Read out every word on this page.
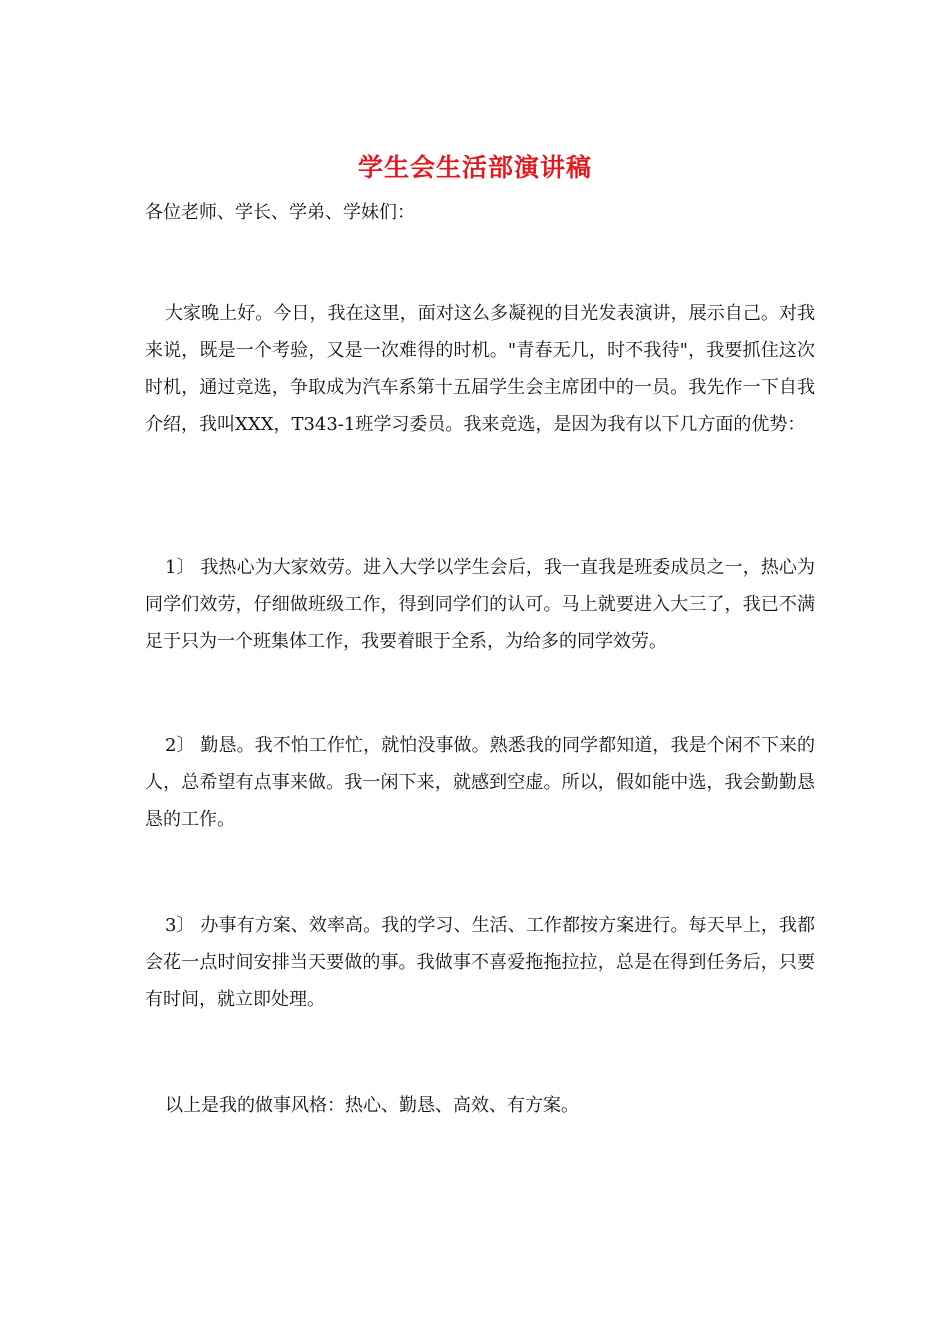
学生会生活部演讲稿

各位老师、学长、学弟、学妹们：

大家晚上好。今日，我在这里，面对这么多凝视的目光发表演讲，展示自己。对我来说，既是一个考验，又是一次难得的时机。"青春无几，时不我待"，我要抓住这次时机，通过竞选，争取成为汽车系第十五届学生会主席团中的一员。我先作一下自我介绍，我叫XXX，T343-1班学习委员。我来竞选，是因为我有以下几方面的优势：

1〕 我热心为大家效劳。进入大学以学生会后，我一直我是班委成员之一，热心为同学们效劳，仔细做班级工作，得到同学们的认可。马上就要进入大三了，我已不满足于只为一个班集体工作，我要着眼于全系，为给多的同学效劳。

2〕 勤恳。我不怕工作忙，就怕没事做。熟悉我的同学都知道，我是个闲不下来的人，总希望有点事来做。我一闲下来，就感到空虚。所以，假如能中选，我会勤勤恳恳的工作。

3〕 办事有方案、效率高。我的学习、生活、工作都按方案进行。每天早上，我都会花一点时间安排当天要做的事。我做事不喜爱拖拖拉拉，总是在得到任务后，只要有时间，就立即处理。

以上是我的做事风格：热心、勤恳、高效、有方案。
